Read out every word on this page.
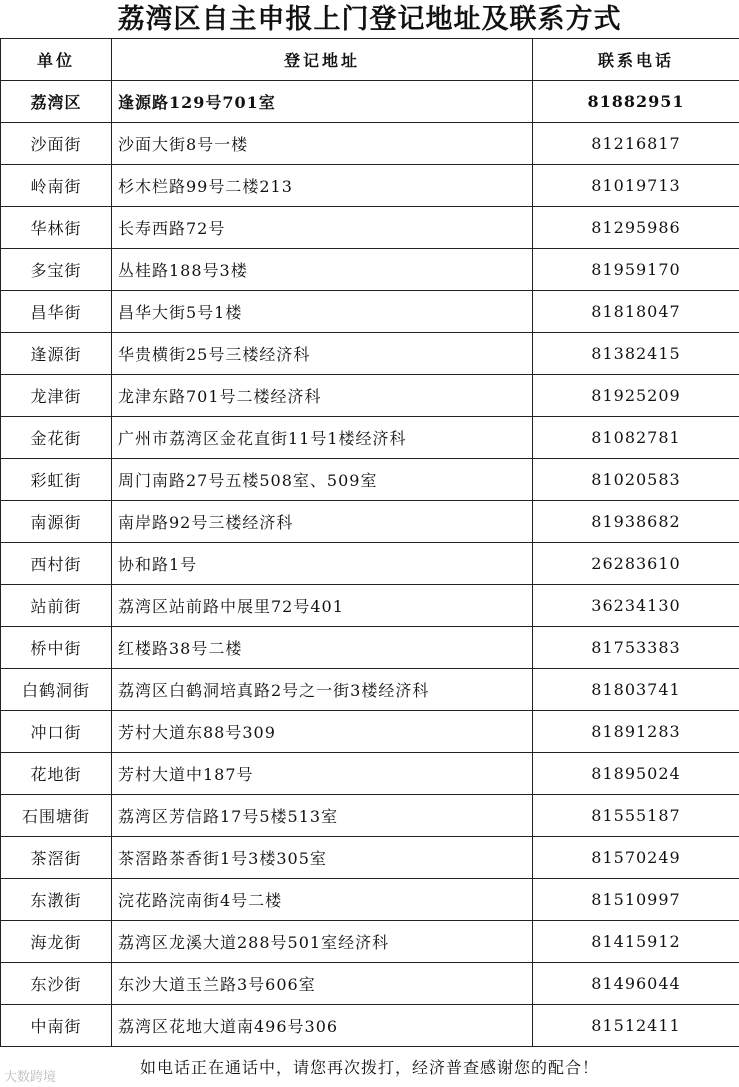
荔湾区自主申报上门登记地址及联系方式
单位	登记地址	联系电话
荔湾区	逢源路129号701室	81882951
沙面街	沙面大街8号一楼	81216817
岭南街	杉木栏路99号二楼213	81019713
华林街	长寿西路72号	81295986
多宝街	丛桂路188号3楼	81959170
昌华街	昌华大街5号1楼	81818047
逢源街	华贵横街25号三楼经济科	81382415
龙津街	龙津东路701号二楼经济科	81925209
金花街	广州市荔湾区金花直街11号1楼经济科	81082781
彩虹街	周门南路27号五楼508室、509室	81020583
南源街	南岸路92号三楼经济科	81938682
西村街	协和路1号	26283610
站前街	荔湾区站前路中展里72号401	36234130
桥中街	红楼路38号二楼	81753383
白鹤洞街	荔湾区白鹤洞培真路2号之一街3楼经济科	81803741
冲口街	芳村大道东88号309	81891283
花地街	芳村大道中187号	81895024
石围塘街	荔湾区芳信路17号5楼513室	81555187
茶滘街	茶滘路茶香街1号3楼305室	81570249
东漖街	浣花路浣南街4号二楼	81510997
海龙街	荔湾区龙溪大道288号501室经济科	81415912
东沙街	东沙大道玉兰路3号606室	81496044
中南街	荔湾区花地大道南496号306	81512411
如电话正在通话中，请您再次拨打，经济普查感谢您的配合！
大数跨境
